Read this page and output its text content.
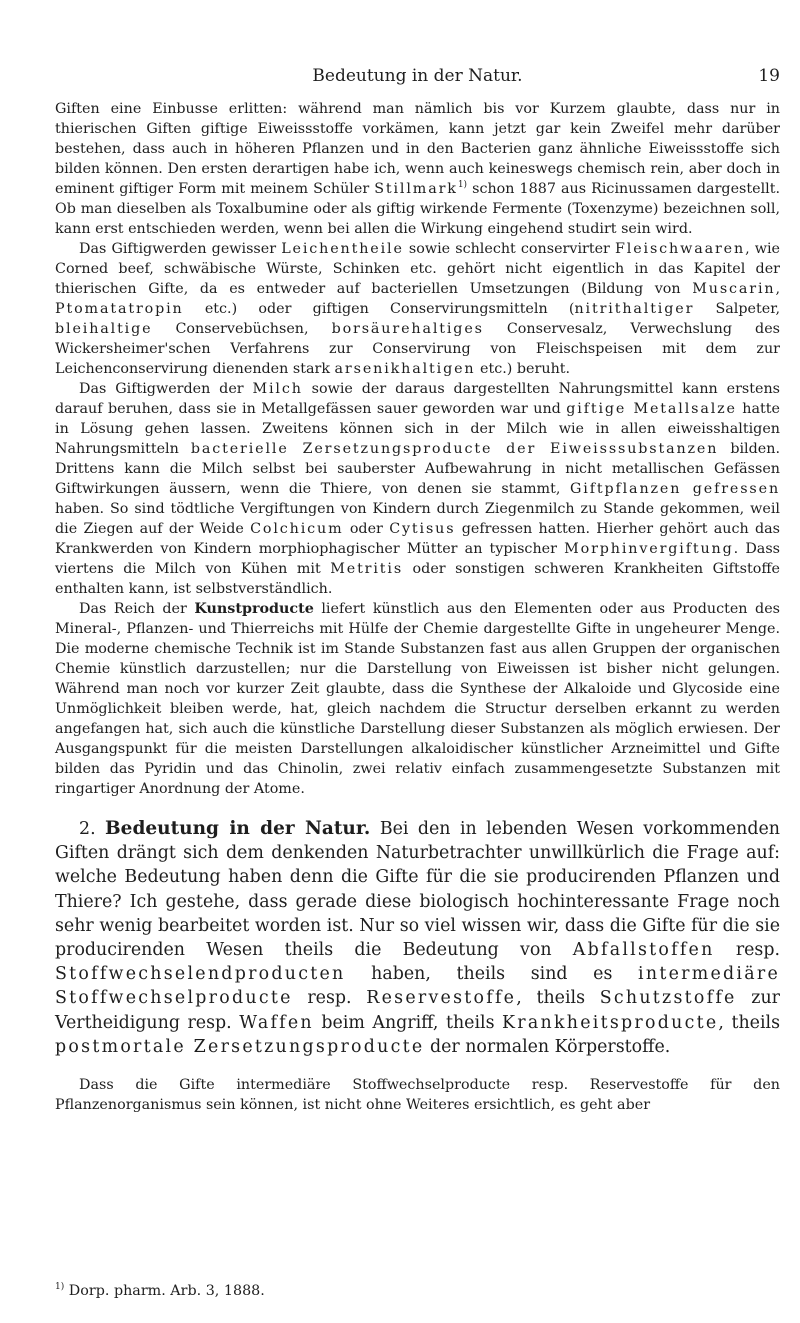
Bedeutung in der Natur.	19

Giften eine Einbusse erlitten: während man nämlich bis vor Kurzem glaubte, dass nur in thierischen Giften giftige Eiweissstoffe vorkämen, kann jetzt gar kein Zweifel mehr darüber bestehen, dass auch in höheren Pflanzen und in den Bacterien ganz ähnliche Eiweissstoffe sich bilden können. Den ersten derartigen habe ich, wenn auch keineswegs chemisch rein, aber doch in eminent giftiger Form mit meinem Schüler Stillmark$^{1)}$ schon 1887 aus Ricinussamen dargestellt. Ob man dieselben als Toxalbumine oder als giftig wirkende Fermente (Toxenzyme) bezeichnen soll, kann erst entschieden werden, wenn bei allen die Wirkung eingehend studirt sein wird.

Das Giftigwerden gewisser Leichentheile sowie schlecht conservirter Fleischwaaren, wie Corned beef, schwäbische Würste, Schinken etc. gehört nicht eigentlich in das Kapitel der thierischen Gifte, da es entweder auf bacteriellen Umsetzungen (Bildung von Muscarin, Ptomatatropin etc.) oder giftigen Conservirungsmitteln (nitrithaltiger Salpeter, bleihaltige Conservebüchsen, borsäurehaltiges Conservesalz, Verwechslung des Wickersheimer'schen Verfahrens zur Conservirung von Fleischspeisen mit dem zur Leichenconservirung dienenden stark arsenikhaltigen etc.) beruht.

Das Giftigwerden der Milch sowie der daraus dargestellten Nahrungsmittel kann erstens darauf beruhen, dass sie in Metallgefässen sauer geworden war und giftige Metallsalze hatte in Lösung gehen lassen. Zweitens können sich in der Milch wie in allen eiweisshaltigen Nahrungsmitteln bacterielle Zersetzungsproducte der Eiweisssubstanzen bilden. Drittens kann die Milch selbst bei sauberster Aufbewahrung in nicht metallischen Gefässen Giftwirkungen äussern, wenn die Thiere, von denen sie stammt, Giftpflanzen gefressen haben. So sind tödtliche Vergiftungen von Kindern durch Ziegenmilch zu Stande gekommen, weil die Ziegen auf der Weide Colchicum oder Cytisus gefressen hatten. Hierher gehört auch das Krankwerden von Kindern morphiophagischer Mütter an typischer Morphinvergiftung. Dass viertens die Milch von Kühen mit Metritis oder sonstigen schweren Krankheiten Giftstoffe enthalten kann, ist selbstverständlich.

Das Reich der Kunstproducte liefert künstlich aus den Elementen oder aus Producten des Mineral-, Pflanzen- und Thierreichs mit Hülfe der Chemie dargestellte Gifte in ungeheurer Menge. Die moderne chemische Technik ist im Stande Substanzen fast aus allen Gruppen der organischen Chemie künstlich darzustellen; nur die Darstellung von Eiweissen ist bisher nicht gelungen. Während man noch vor kurzer Zeit glaubte, dass die Synthese der Alkaloide und Glycoside eine Unmöglichkeit bleiben werde, hat, gleich nachdem die Structur derselben erkannt zu werden angefangen hat, sich auch die künstliche Darstellung dieser Substanzen als möglich erwiesen. Der Ausgangspunkt für die meisten Darstellungen alkaloidischer künstlicher Arzneimittel und Gifte bilden das Pyridin und das Chinolin, zwei relativ einfach zusammengesetzte Substanzen mit ringartiger Anordnung der Atome.

2. Bedeutung in der Natur. Bei den in lebenden Wesen vorkommenden Giften drängt sich dem denkenden Naturbetrachter unwillkürlich die Frage auf: welche Bedeutung haben denn die Gifte für die sie producirenden Pflanzen und Thiere? Ich gestehe, dass gerade diese biologisch hochinteressante Frage noch sehr wenig bearbeitet worden ist. Nur so viel wissen wir, dass die Gifte für die sie producirenden Wesen theils die Bedeutung von Abfallstoffen resp. Stoffwechselendproducten haben, theils sind es intermediäre Stoffwechselproducte resp. Reservestoffe, theils Schutzstoffe zur Vertheidigung resp. Waffen beim Angriff, theils Krankheitsproducte, theils postmortale Zersetzungsproducte der normalen Körperstoffe.

Dass die Gifte intermediäre Stoffwechselproducte resp. Reservestoffe für den Pflanzenorganismus sein können, ist nicht ohne Weiteres ersichtlich, es geht aber

$^{1)}$ Dorp. pharm. Arb. 3, 1888.
